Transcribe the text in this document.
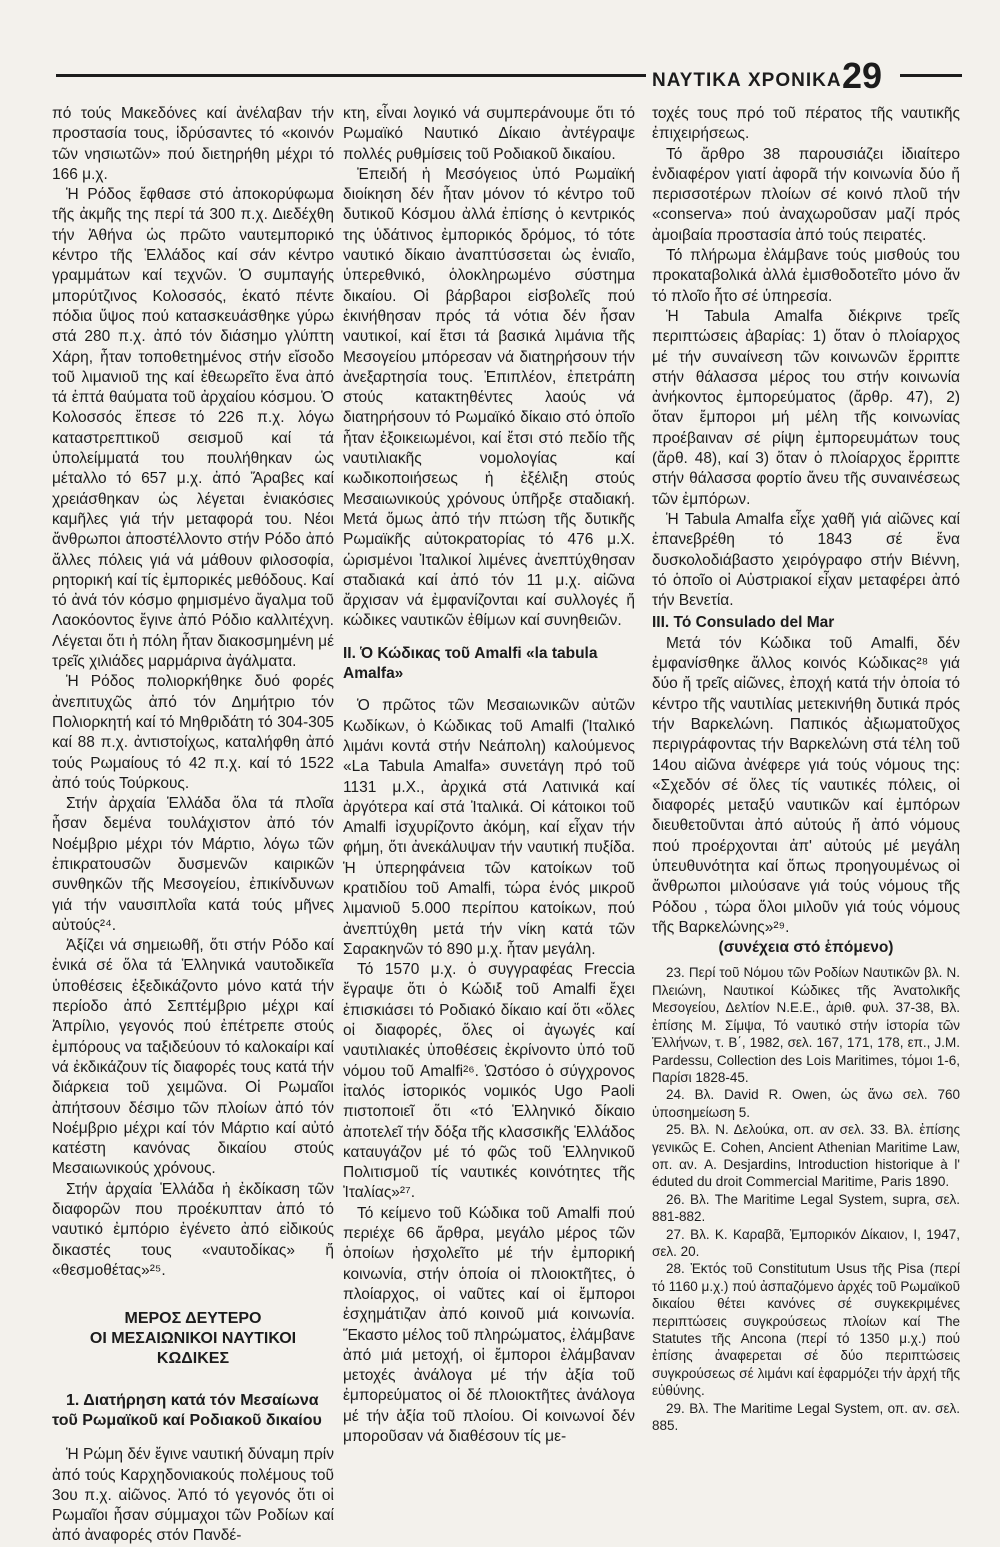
ΝΑΥΤΙΚΑ ΧΡΟΝΙΚΑ 29

πό τούς Μακεδόνες καί ἀνέλαβαν τήν προστασία τους, ἱδρύσαντες τό «κοινόν τῶν νησιωτῶν» πού διετηρήθη μέχρι τό 166 μ.χ.

Ἡ Ρόδος ἔφθασε στό ἀποκορύφωμα τῆς ἀκμῆς της περί τά 300 π.χ. Διεδέχθη τήν Ἀθήνα ὡς πρῶτο ναυτεμπορικό κέντρο τῆς Ἑλλάδος καί σάν κέντρο γραμμάτων καί τεχνῶν. Ὁ συμπαγής μπορύτζινος Κολοσσός, ἑκατό πέντε πόδια ὕψος πού κατασκευάσθηκε γύρω στά 280 π.χ. ἀπό τόν διάσημο γλύπτη Χάρη, ἦταν τοποθετημένος στήν εἴσοδο τοῦ λιμανιοῦ της καί ἐθεωρεῖτο ἕνα ἀπό τά ἑπτά θαύματα τοῦ ἀρχαίου κόσμου. Ὁ Κολοσσός ἔπεσε τό 226 π.χ. λόγω καταστρεπτικοῦ σεισμοῦ καί τά ὑπολείμματά του πουλήθηκαν ὡς μέταλλο τό 657 μ.χ. ἀπό Ἄραβες καί χρειάσθηκαν ὡς λέγεται ἐνιακόσιες καμῆλες γιά τήν μεταφορά του. Νέοι ἄνθρωποι ἀποστέλλοντο στήν Ρόδο ἀπό ἄλλες πόλεις γιά νά μάθουν φιλοσοφία, ρητορική καί τίς ἐμπορικές μεθόδους. Καί τό ἀνά τόν κόσμο φημισμένο ἄγαλμα τοῦ Λαοκόοντος ἔγινε ἀπό Ρόδιο καλλιτέχνη. Λέγεται ὅτι ἡ πόλη ἦταν διακοσμημένη μέ τρεῖς χιλιάδες μαρμάρινα ἀγάλματα.

Ἡ Ρόδος πολιορκήθηκε δυό φορές ἀνεπιτυχῶς ἀπό τόν Δημήτριο τόν Πολιορκητή καί τό Μηθριδάτη τό 304-305 καί 88 π.χ. ἀντιστοίχως, καταλήφθη ἀπό τούς Ρωμαίους τό 42 π.χ. καί τό 1522 ἀπό τούς Τούρκους.

Στήν ἀρχαία Ἑλλάδα ὅλα τά πλοῖα ἦσαν δεμένα τουλάχιστον ἀπό τόν Νοέμβριο μέχρι τόν Μάρτιο, λόγω τῶν ἐπικρατουσῶν δυσμενῶν καιρικῶν συνθηκῶν τῆς Μεσογείου, ἐπικίνδυνων γιά τήν ναυσιπλοΐα κατά τούς μῆνες αὐτούς²⁴.

Ἀξίζει νά σημειωθῆ, ὅτι στήν Ρόδο καί ἐνικά σέ ὅλα τά Ἑλληνικά ναυτοδικεῖα ὑποθέσεις ἐξεδικάζοντο μόνο κατά τήν περίοδο ἀπό Σεπτέμβριο μέχρι καί Ἀπρίλιο, γεγονός πού ἐπέτρεπε στούς ἐμπόρους να ταξιδεύουν τό καλοκαίρι καί νά ἐκδικάζουν τίς διαφορές τους κατά τήν διάρκεια τοῦ χειμῶνα. Οἱ Ρωμαῖοι ἀπήτσουν δέσιμο τῶν πλοίων ἀπό τόν Νοέμβριο μέχρι καί τόν Μάρτιο καί αὐτό κατέστη κανόνας δικαίου στούς Μεσαιωνικούς χρόνους.

Στήν ἀρχαία Ἑλλάδα ἡ ἐκδίκαση τῶν διαφορῶν που προέκυπταν ἀπό τό ναυτικό ἐμπόριο ἐγένετο ἀπό εἰδικούς δικαστές τους «ναυτοδίκας» ἤ «θεσμοθέτας»²⁵.

ΜΕΡΟΣ ΔΕΥΤΕΡΟ
ΟΙ ΜΕΣΑΙΩΝΙΚΟΙ ΝΑΥΤΙΚΟΙ ΚΩΔΙΚΕΣ
1. Διατήρηση κατά τόν Μεσαίωνα τοῦ Ρωμαϊκοῦ καί Ροδιακοῦ δικαίου

Ἡ Ρώμη δέν ἔγινε ναυτική δύναμη πρίν ἀπό τούς Καρχηδονιακούς πολέμους τοῦ 3ου π.χ. αἰῶνος. Ἀπό τό γεγονός ὅτι οἱ Ρωμαῖοι ἦσαν σύμμαχοι τῶν Ροδίων καί ἀπό ἀναφορές στόν Πανδέ-

κτη, εἶναι λογικό νά συμπεράνουμε ὅτι τό Ρωμαϊκό Ναυτικό Δίκαιο ἀντέγραψε πολλές ρυθμίσεις τοῦ Ροδιακοῦ δικαίου.

Ἐπειδή ἡ Μεσόγειος ὑπό Ρωμαϊκή διοίκηση δέν ἦταν μόνον τό κέντρο τοῦ δυτικοῦ Κόσμου ἀλλά ἐπίσης ὁ κεντρικός της ὑδάτινος ἐμπορικός δρόμος, τό τότε ναυτικό δίκαιο ἀναπτύσσεται ὡς ἑνιαῖο, ὑπερεθνικό, ὁλοκληρωμένο σύστημα δικαίου. Οἱ βάρβαροι εἰσβολεῖς πού ἐκινήθησαν πρός τά νότια δέν ἦσαν ναυτικοί, καί ἔτσι τά βασικά λιμάνια τῆς Μεσογείου μπόρεσαν νά διατηρήσουν τήν ἀνεξαρτησία τους. Ἐπιπλέον, ἐπετράπη στούς κατακτηθέντες λαούς νά διατηρήσουν τό Ρωμαϊκό δίκαιο στό ὁποῖο ἦταν ἐξοικειωμένοι, καί ἔτσι στό πεδίο τῆς ναυτιλιακῆς νομολογίας καί κωδικοποιήσεως ἡ ἐξέλιξη στούς Μεσαιωνικούς χρόνους ὑπῆρξε σταδιακή. Μετά ὅμως ἀπό τήν πτώση τῆς δυτικῆς Ρωμαϊκῆς αὐτοκρατορίας τό 476 μ.Χ. ὡρισμένοι Ἰταλικοί λιμένες ἀνεπτύχθησαν σταδιακά καί ἀπό τόν 11 μ.χ. αἰῶνα ἄρχισαν νά ἐμφανίζονται καί συλλογές ἤ κώδικες ναυτικῶν ἐθίμων καί συνηθειῶν.

II. Ὁ Κώδικας τοῦ Amalfi «la tabula Amalfa»

Ὁ πρῶτος τῶν Μεσαιωνικῶν αὐτῶν Κωδίκων, ὁ Κώδικας τοῦ Amalfi (Ἰταλικό λιμάνι κοντά στήν Νεάπολη) καλούμενος «La Tabula Amalfa» συνετάγη πρό τοῦ 1131 μ.Χ., ἀρχικά στά Λατινικά καί ἀργότερα καί στά Ἰταλικά. Οἱ κάτοικοι τοῦ Amalfi ἰσχυρίζοντο ἀκόμη, καί εἶχαν τήν φήμη, ὅτι ἀνεκάλυψαν τήν ναυτική πυξίδα. Ἡ ὑπερηφάνεια τῶν κατοίκων τοῦ κρατιδίου τοῦ Amalfi, τώρα ἑνός μικροῦ λιμανιοῦ 5.000 περίπου κατοίκων, πού ἀνεπτύχθη μετά τήν νίκη κατά τῶν Σαρακηνῶν τό 890 μ.χ. ἦταν μεγάλη.

Τό 1570 μ.χ. ὁ συγγραφέας Freccia ἔγραψε ὅτι ὁ Κώδιξ τοῦ Amalfi ἔχει ἐπισκιάσει τό Ροδιακό δίκαιο καί ὅτι «ὅλες οἱ διαφορές, ὅλες οἱ ἀγωγές καί ναυτιλιακές ὑποθέσεις ἐκρίνοντο ὑπό τοῦ νόμου τοῦ Amalfi²⁶. Ὡστόσο ὁ σύγχρονος ἰταλός ἱστορικός νομικός Ugo Paoli πιστοποιεῖ ὅτι «τό Ἑλληνικό δίκαιο ἀποτελεῖ τήν δόξα τῆς κλασσικῆς Ἑλλάδος καταυγάζον μέ τό φῶς τοῦ Ἑλληνικοῦ Πολιτισμοῦ τίς ναυτικές κοινότητες τῆς Ἰταλίας»²⁷.

Τό κείμενο τοῦ Κώδικα τοῦ Amalfi πού περιέχε 66 ἄρθρα, μεγάλο μέρος τῶν ὁποίων ἠσχολεῖτο μέ τήν ἐμπορική κοινωνία, στήν ὁποία οἱ πλοιοκτῆτες, ὁ πλοίαρχος, οἱ ναῦτες καί οἱ ἔμποροι ἐσχημάτιζαν ἀπό κοινοῦ μιά κοινωνία. Ἕκαστο μέλος τοῦ πληρώματος, ἐλάμβανε ἀπό μιά μετοχή, οἱ ἔμποροι ἐλάμβαναν μετοχές ἀνάλογα μέ τήν ἀξία τοῦ ἐμπορεύματος οἱ δέ πλοιοκτῆτες ἀνάλογα μέ τήν ἀξία τοῦ πλοίου. Οἱ κοινωνοί δέν μποροῦσαν νά διαθέσουν τίς με-

τοχές τους πρό τοῦ πέρατος τῆς ναυτικῆς ἐπιχειρήσεως.

Τό ἄρθρο 38 παρουσιάζει ἰδιαίτερο ἐνδιαφέρον γιατί ἀφορᾶ τήν κοινωνία δύο ἤ περισσοτέρων πλοίων σέ κοινό πλοῦ τήν «conserva» πού ἀναχωροῦσαν μαζί πρός ἀμοιβαία προστασία ἀπό τούς πειρατές.

Τό πλήρωμα ἐλάμβανε τούς μισθούς του προκαταβολικά ἀλλά ἐμισθοδοτεῖτο μόνο ἄν τό πλοῖο ἦτο σέ ὑπηρεσία.

Ἡ Tabula Amalfa διέκρινε τρεῖς περιπτώσεις ἀβαρίας: 1) ὅταν ὁ πλοίαρχος μέ τήν συναίνεση τῶν κοινωνῶν ἔρριπτε στήν θάλασσα μέρος του στήν κοινωνία ἀνήκοντος ἐμπορεύματος (ἄρθρ. 47), 2) ὅταν ἔμποροι μή μέλη τῆς κοινωνίας προέβαιναν σέ ρίψη ἐμπορευμάτων τους (ἄρθ. 48), καί 3) ὅταν ὁ πλοίαρχος ἔρριπτε στήν θάλασσα φορτίο ἄνευ τῆς συναινέσεως τῶν ἐμπόρων.

Ἡ Tabula Amalfa εἶχε χαθῆ γιά αἰῶνες καί ἐπανεβρέθη τό 1843 σέ ἕνα δυσκολοδιάβαστο χειρόγραφο στήν Βιέννη, τό ὁποῖο οἱ Αὐστριακοί εἶχαν μεταφέρει ἀπό τήν Βενετία.

III. Τό Consulado del Mar

Μετά τόν Κώδικα τοῦ Amalfi, δέν ἐμφανίσθηκε ἄλλος κοινός Κώδικας²⁸ γιά δύο ἤ τρεῖς αἰῶνες, ἐποχή κατά τήν ὁποία τό κέντρο τῆς ναυτιλίας μετεκινήθη δυτικά πρός τήν Βαρκελώνη. Παπικός ἀξιωματοῦχος περιγράφοντας τήν Βαρκελώνη στά τέλη τοῦ 14ου αἰῶνα ἀνέφερε γιά τούς νόμους της: «Σχεδόν σέ ὅλες τίς ναυτικές πόλεις, οἱ διαφορές μεταξύ ναυτικῶν καί ἐμπόρων διευθετοῦνται ἀπό αὐτούς ἤ ἀπό νόμους πού προέρχονται ἀπ' αὐτούς μέ μεγάλη ὑπευθυνότητα καί ὅπως προηγουμένως οἱ ἄνθρωποι μιλούσανε γιά τούς νόμους τῆς Ρόδου , τώρα ὅλοι μιλοῦν γιά τούς νόμους τῆς Βαρκελώνης»²⁹.

(συνέχεια στό ἑπόμενο)

23. Περί τοῦ Νόμου τῶν Ροδίων Ναυτικῶν βλ. Ν. Πλειώνη, Ναυτικοί Κώδικες τῆς Ἀνατολικῆς Μεσογείου, Δελτίον Ν.Ε.Ε., ἀριθ. φυλ. 37-38, Βλ. ἐπίσης Μ. Σίμψα, Τό ναυτικό στήν ἱστορία τῶν Ἑλλήνων, τ. Β΄, 1982, σελ. 167, 171, 178, επ., J.M. Pardessu, Collection des Lois Maritimes, τόμοι 1-6, Παρίσι 1828-45.

24. Βλ. David R. Owen, ὡς ἄνω σελ. 760 ὑποσημείωση 5.

25. Βλ. Ν. Δελούκα, οπ. αν σελ. 33. Βλ. ἐπίσης γενικῶς E. Cohen, Ancient Athenian Maritime Law, οπ. αν. A. Desjardins, Introduction historique à l' éduted du droit Commercial Maritime, Paris 1890.

26. Βλ. The Maritime Legal System, supra, σελ. 881-882.

27. Βλ. Κ. Καραβᾶ, Ἐμπορικόν Δίκαιον, Ι, 1947, σελ. 20.

28. Ἐκτός τοῦ Constitutum Usus τῆς Pisa (περί τό 1160 μ.χ.) πού ἀσπαζόμενο ἀρχές τοῦ Ρωμαϊκοῦ δικαίου θέτει κανόνες σέ συγκεκριμένες περιπτώσεις συγκρούσεως πλοίων καί The Statutes τῆς Ancona (περί τό 1350 μ.χ.) πού ἐπίσης ἀναφερεται σέ δύο περιπτώσεις συγκρούσεως σέ λιμάνι καί ἐφαρμόζει τήν ἀρχή τῆς εὐθύνης.

29. Βλ. The Maritime Legal System, οπ. αν. σελ. 885.
